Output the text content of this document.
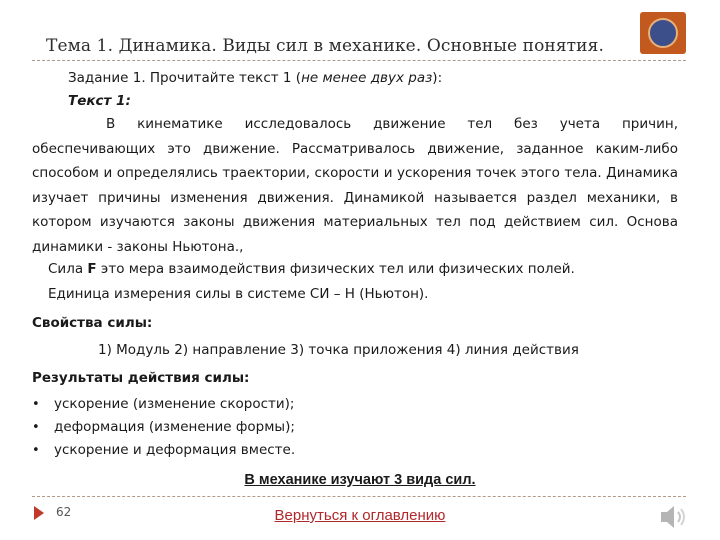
Тема 1. Динамика. Виды сил в механике. Основные понятия.

Задание 1. Прочитайте текст 1 (не менее двух раз):

Текст 1:

В кинематике исследовалось движение тел без учета причин, обеспечивающих это движение. Рассматривалось движение, заданное каким-либо способом и определялись траектории, скорости и ускорения точек этого тела. Динамика изучает причины изменения движения. Динамикой называется раздел механики, в котором изучаются законы движения материальных тел под действием сил. Основа динамики - законы Ньютона.,

Сила F это мера взаимодействия физических тел или физических полей.

Единица измерения силы в системе СИ – Н (Ньютон).

Свойства силы:

1) Модуль 2) направление 3) точка приложения 4) линия действия

Результаты действия силы:

•	ускорение (изменение скорости);
•	деформация (изменение формы);
•	ускорение и деформация вместе.

В механике изучают 3 вида сил.

62	Вернуться к оглавлению
